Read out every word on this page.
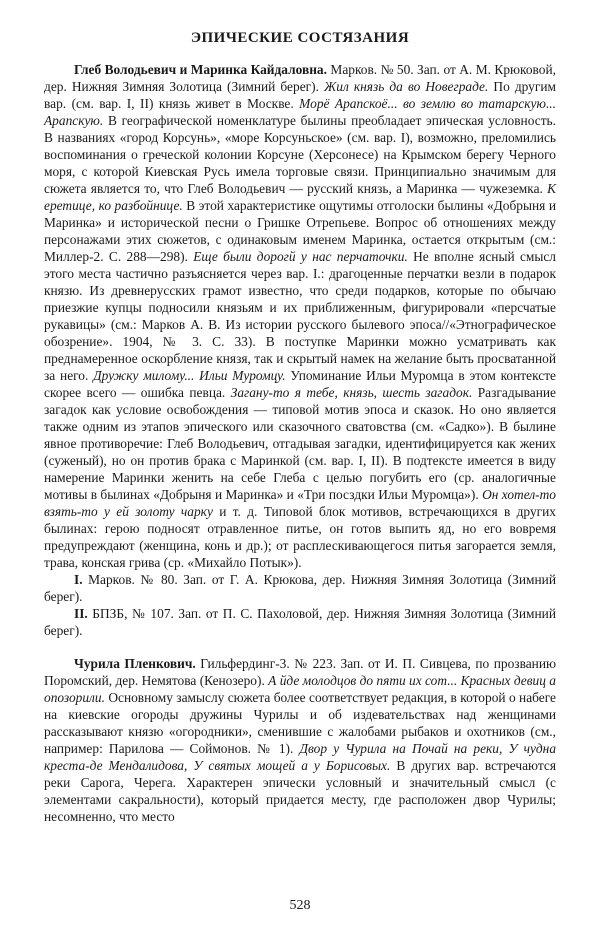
ЭПИЧЕСКИЕ СОСТЯЗАНИЯ

Глеб Володьевич и Маринка Кайдаловна. Марков. № 50. Зап. от А. М. Крюковой, дер. Нижняя Зимняя Золотица (Зимний берег). Жил князь да во Новеграде. По другим вар. (см. вар. I, II) князь живет в Москве. Морё Арапскоё... во землю во татарскую... Арапскую. В географической номенклатуре былины преобладает эпическая условность. В названиях «город Корсунь», «море Корсуньское» (см. вар. I), возможно, преломились воспоминания о греческой колонии Корсуне (Херсонесе) на Крымском берегу Черного моря, с которой Киевская Русь имела торговые связи. Принципиально значимым для сюжета является то, что Глеб Володьевич — русский князь, а Маринка — чужеземка. К еретице, ко разбойнице. В этой характеристике ощутимы отголоски былины «Добрыня и Маринка» и исторической песни о Гришке Отрепьеве. Вопрос об отношениях между персонажами этих сюжетов, с одинаковым именем Маринка, остается открытым (см.: Миллер-2. С. 288—298). Еще были дорогй у нас перчаточки. Не вполне ясный смысл этого места частично разъясняется через вар. I.: драгоценные перчатки везли в подарок князю. Из древнерусских грамот известно, что среди подарков, которые по обычаю приезжие купцы подносили князьям и их приближенным, фигурировали «персчатые рукавицы» (см.: Марков А. В. Из истории русского былевого эпоса//«Этнографическое обозрение». 1904, № 3. С. 33). В поступке Маринки можно усматривать как преднамеренное оскорбление князя, так и скрытый намек на желание быть просватанной за него. Дружку милому... Ильи Муромцу. Упоминание Ильи Муромца в этом контексте скорее всего — ошибка певца. Загану-то я тебе, князь, шесть загадок. Разгадывание загадок как условие освобождения — типовой мотив эпоса и сказок. Но оно является также одним из этапов эпического или сказочного сватовства (см. «Садко»). В былине явное противоречие: Глеб Володьевич, отгадывая загадки, идентифицируется как жених (суженый), но он против брака с Маринкой (см. вар. I, II). В подтексте имеется в виду намерение Маринки женить на себе Глеба с целью погубить его (ср. аналогичные мотивы в былинах «Добрыня и Маринка» и «Три посздки Ильи Муромца»). Он хотел-то взять-то у ей золоту чарку и т. д. Типовой блок мотивов, встречающихся в других былинах: герою подносят отравленное питье, он готов выпить яд, но его вовремя предупреждают (женщина, конь и др.); от расплескивающегося питья загорается земля, трава, конская грива (ср. «Михайло Потык»).

I. Марков. № 80. Зап. от Г. А. Крюкова, дер. Нижняя Зимняя Золотица (Зимний берег).

II. БПЗБ, № 107. Зап. от П. С. Пахоловой, дер. Нижняя Зимняя Золотица (Зимний берег).

Чурила Пленкович. Гильфердинг-3. № 223. Зап. от И. П. Сивцева, по прозванию Поромский, дер. Немятова (Кенозеро). А йде молодцов до пяти их сот... Красных девиц а опозорили. Основному замыслу сюжета более соответствует редакция, в которой о набеге на киевские огороды дружины Чурилы и об издевательствах над женщинами рассказывают князю «огородники», сменившие с жалобами рыбаков и охотников (см., например: Парилова — Соймонов. № 1). Двор у Чурила на Почай на реки, У чудна креста-де Мендалидова, У святых мощей а у Борисовых. В других вар. встречаются реки Сарога, Черега. Характерен эпически условный и значительный смысл (с элементами сакральности), который придается месту, где расположен двор Чурилы; несомненно, что место

528
